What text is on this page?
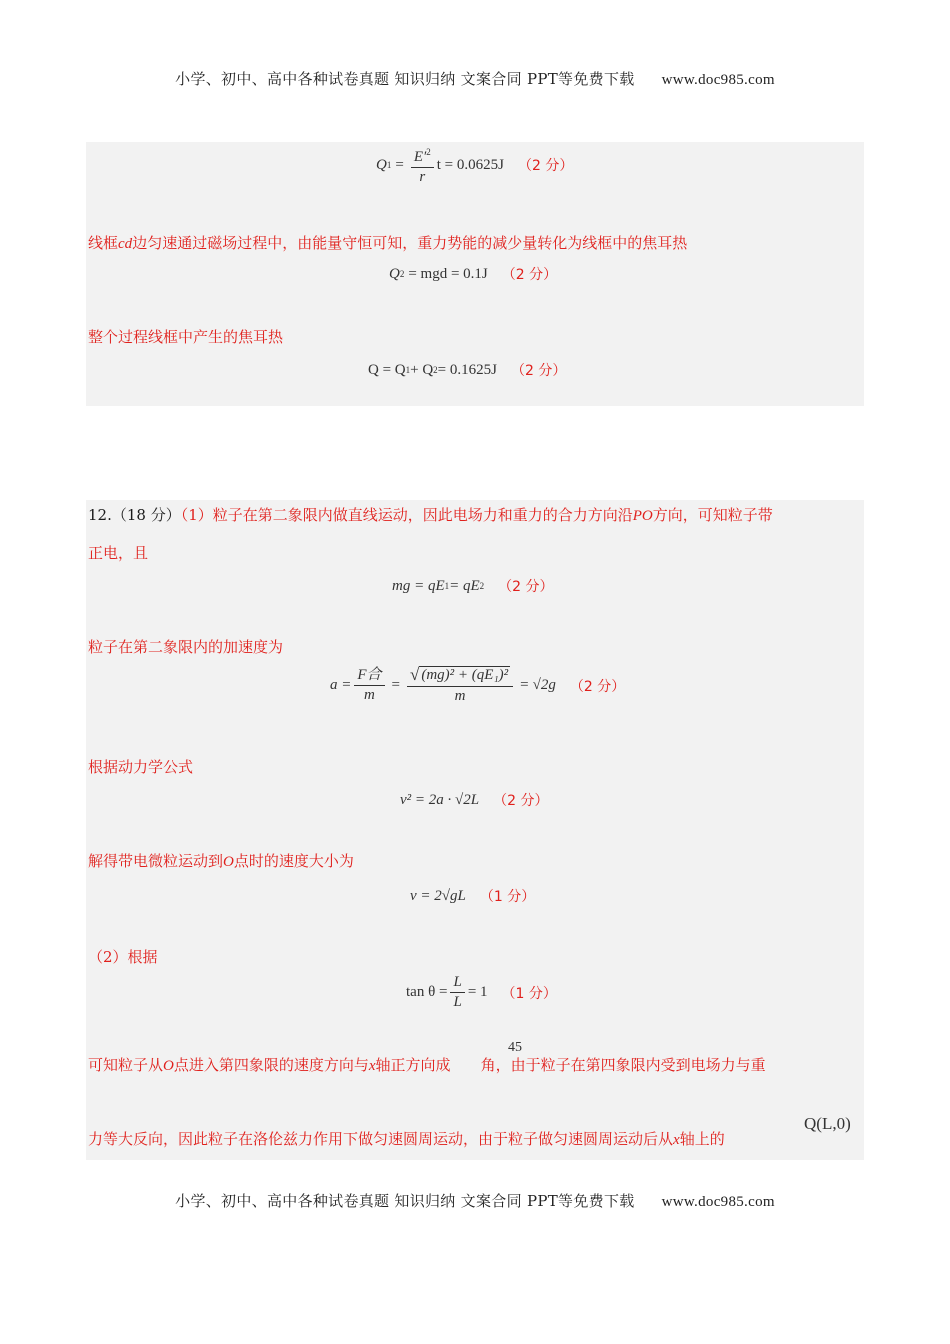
小学、初中、高中各种试卷真题 知识归纳 文案合同 PPT等免费下载 www.doc985.com
Q $1 = \frac{E'^2}{r}$ t = 0.0625J （2 分）
线框cd边匀速通过磁场过程中，由能量守恒可知，重力势能的减少量转化为线框中的焦耳热
Q 2 = mgd = 0.1J （2 分）
整个过程线框中产生的焦耳热
Q = Q 1 + Q 2 = 0.1625J （2 分）
12.（18 分）（1）粒子在第二象限内做直线运动，因此电场力和重力的合力方向沿PO方向，可知粒子带
正电，且
mg = qE 1 = qE 2 （2 分）
粒子在第二象限内的加速度为
$a = \frac{\text{F合}}{m} = \frac{\text{√ (mg)² + (qE₁)²}}{m} = √2g$ （2 分）
根据动力学公式
v² = 2a · √2L （2 分）
解得带电微粒运动到O点时的速度大小为
v = 2√gL （1 分）
（2）根据
$\tan \theta = \frac{L}{L} = 1$ （1 分）
45
可知粒子从O点进入第四象限的速度方向与x轴正方向成 角，由于粒子在第四象限内受到电场力与重
力等大反向，因此粒子在洛伦兹力作用下做匀速圆周运动，由于粒子做匀速圆周运动后从x轴上的
Q(L,0)
小学、初中、高中各种试卷真题 知识归纳 文案合同 PPT等免费下载 www.doc985.com
